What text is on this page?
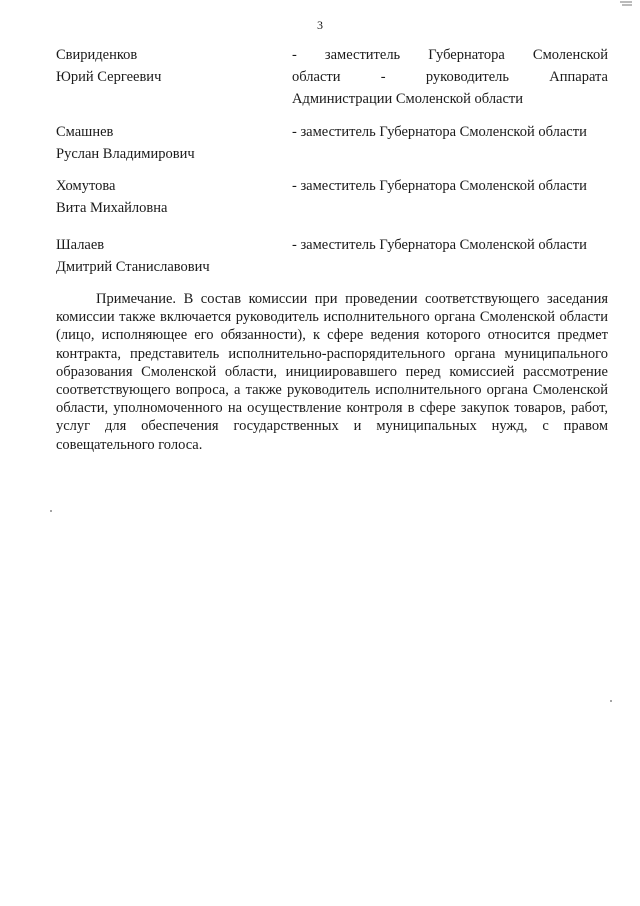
3
Свириденков
Юрий Сергеевич
- заместитель Губернатора Смоленской
области	-	руководитель	Аппарата
Администрации Смоленской области
Смашнев
Руслан Владимирович
- заместитель Губернатора Смоленской области
Хомутова
Вита Михайловна
- заместитель Губернатора Смоленской области
Шалаев
Дмитрий Станиславович
- заместитель Губернатора Смоленской области
Примечание. В состав комиссии при проведении соответствующего заседания комиссии также включается руководитель исполнительного органа Смоленской области (лицо, исполняющее его обязанности), к сфере ведения которого относится предмет контракта, представитель исполнительно-распорядительного органа муниципального образования Смоленской области, инициировавшего перед комиссией рассмотрение соответствующего вопроса, а также руководитель исполнительного органа Смоленской области, уполномоченного на осуществление контроля в сфере закупок товаров, работ, услуг для обеспечения государственных и муниципальных нужд, с правом совещательного голоса.
